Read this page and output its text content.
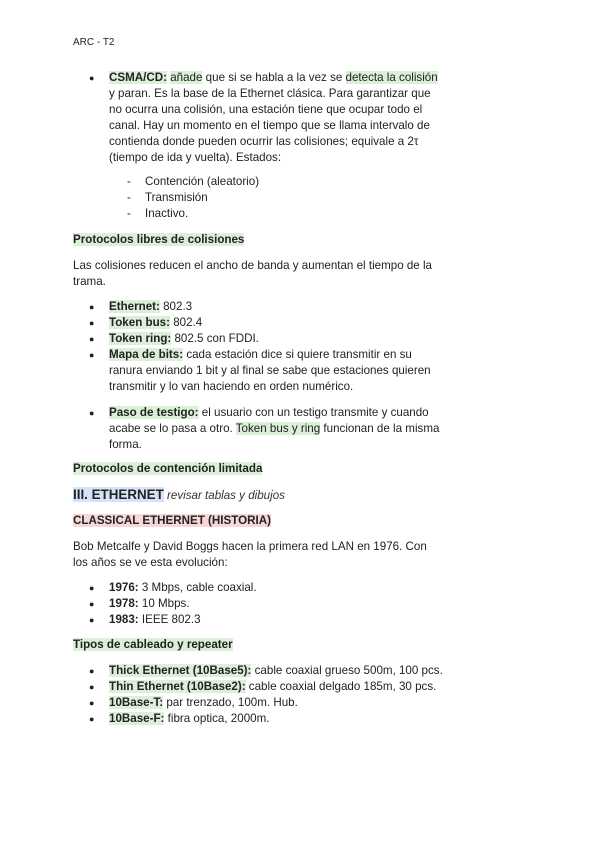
ARC - T2
● CSMA/CD: añade que si se habla a la vez se detecta la colisión y paran. Es la base de la Ethernet clásica. Para garantizar que no ocurra una colisión, una estación tiene que ocupar todo el canal. Hay un momento en el tiempo que se llama intervalo de contienda donde pueden ocurrir las colisiones; equivale a 2τ (tiempo de ida y vuelta). Estados:
- Contención (aleatorio)
- Transmisión
- Inactivo.

Protocolos libres de colisiones

Las colisiones reducen el ancho de banda y aumentan el tiempo de la trama.

● Ethernet: 802.3
● Token bus: 802.4
● Token ring: 802.5 con FDDI.
● Mapa de bits: cada estación dice si quiere transmitir en su ranura enviando 1 bit y al final se sabe que estaciones quieren transmitir y lo van haciendo en orden numérico.
● Paso de testigo: el usuario con un testigo transmite y cuando acabe se lo pasa a otro. Token bus y ring funcionan de la misma forma.

Protocolos de contención limitada

III. ETHERNET revisar tablas y dibujos

CLASSICAL ETHERNET (HISTORIA)

Bob Metcalfe y David Boggs hacen la primera red LAN en 1976. Con los años se ve esta evolución:

● 1976: 3 Mbps, cable coaxial.
● 1978: 10 Mbps.
● 1983: IEEE 802.3

Tipos de cableado y repeater

● Thick Ethernet (10Base5): cable coaxial grueso 500m, 100 pcs.
● Thin Ethernet (10Base2): cable coaxial delgado 185m, 30 pcs.
● 10Base-T: par trenzado, 100m. Hub.
● 10Base-F: fibra optica, 2000m.
